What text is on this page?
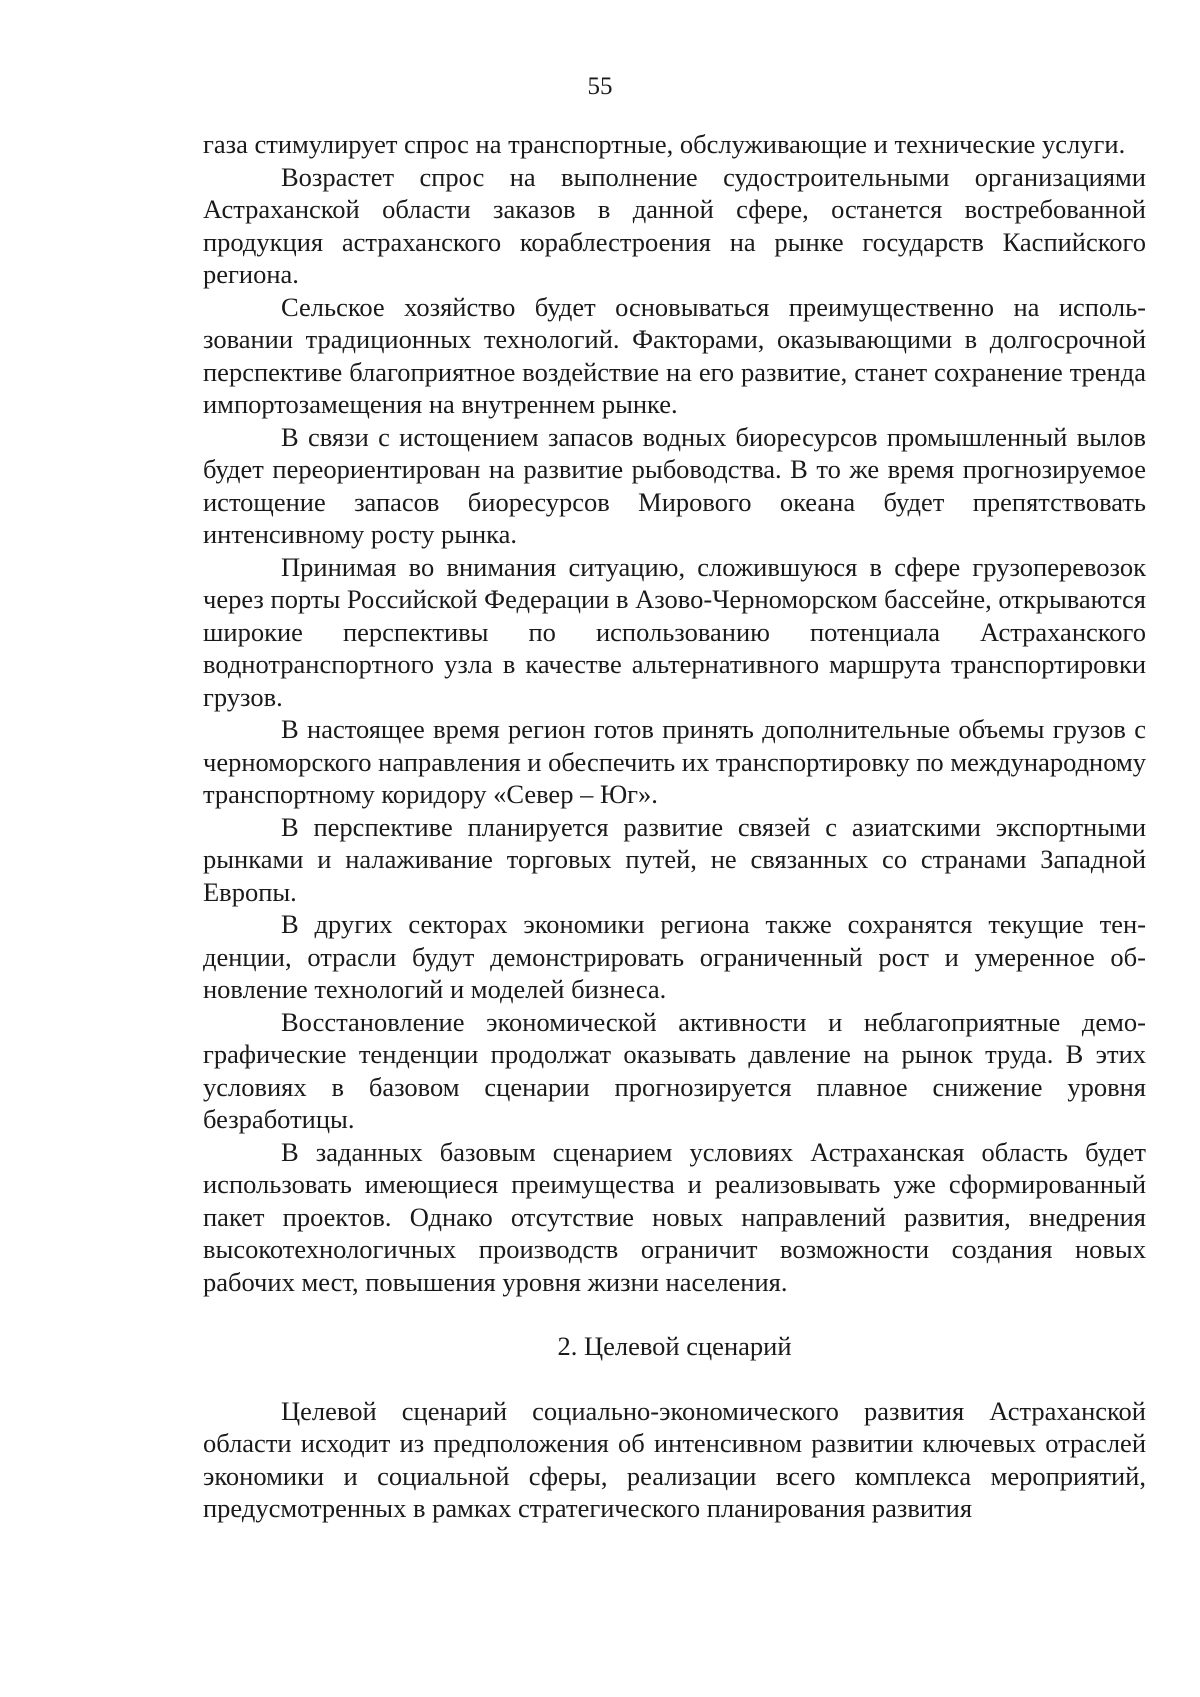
55

газа стимулирует спрос на транспортные, обслуживающие и технические услуги.

Возрастет спрос на выполнение судостроительными организациями Астраханской области заказов в данной сфере, останется востребованной продукция астраханского кораблестроения на рынке государств Каспийского региона.

Сельское хозяйство будет основываться преимущественно на использовании традиционных технологий. Факторами, оказывающими в долгосрочной перспективе благоприятное воздействие на его развитие, станет сохранение тренда импортозамещения на внутреннем рынке.

В связи с истощением запасов водных биоресурсов промышленный вылов будет переориентирован на развитие рыбоводства. В то же время прогнозируемое истощение запасов биоресурсов Мирового океана будет препятствовать интенсивному росту рынка.

Принимая во внимания ситуацию, сложившуюся в сфере грузоперевозок через порты Российской Федерации в Азово-Черноморском бассейне, открываются широкие перспективы по использованию потенциала Астраханского воднотранспортного узла в качестве альтернативного маршрута транспортировки грузов.

В настоящее время регион готов принять дополнительные объемы грузов с черноморского направления и обеспечить их транспортировку по международному транспортному коридору «Север – Юг».

В перспективе планируется развитие связей с азиатскими экспортными рынками и налаживание торговых путей, не связанных со странами Западной Европы.

В других секторах экономики региона также сохранятся текущие тенденции, отрасли будут демонстрировать ограниченный рост и умеренное обновление технологий и моделей бизнеса.

Восстановление экономической активности и неблагоприятные демографические тенденции продолжат оказывать давление на рынок труда. В этих условиях в базовом сценарии прогнозируется плавное снижение уровня безработицы.

В заданных базовым сценарием условиях Астраханская область будет использовать имеющиеся преимущества и реализовывать уже сформированный пакет проектов. Однако отсутствие новых направлений развития, внедрения высокотехнологичных производств ограничит возможности создания новых рабочих мест, повышения уровня жизни населения.

2. Целевой сценарий

Целевой сценарий социально-экономического развития Астраханской области исходит из предположения об интенсивном развитии ключевых отраслей экономики и социальной сферы, реализации всего комплекса мероприятий, предусмотренных в рамках стратегического планирования развития
